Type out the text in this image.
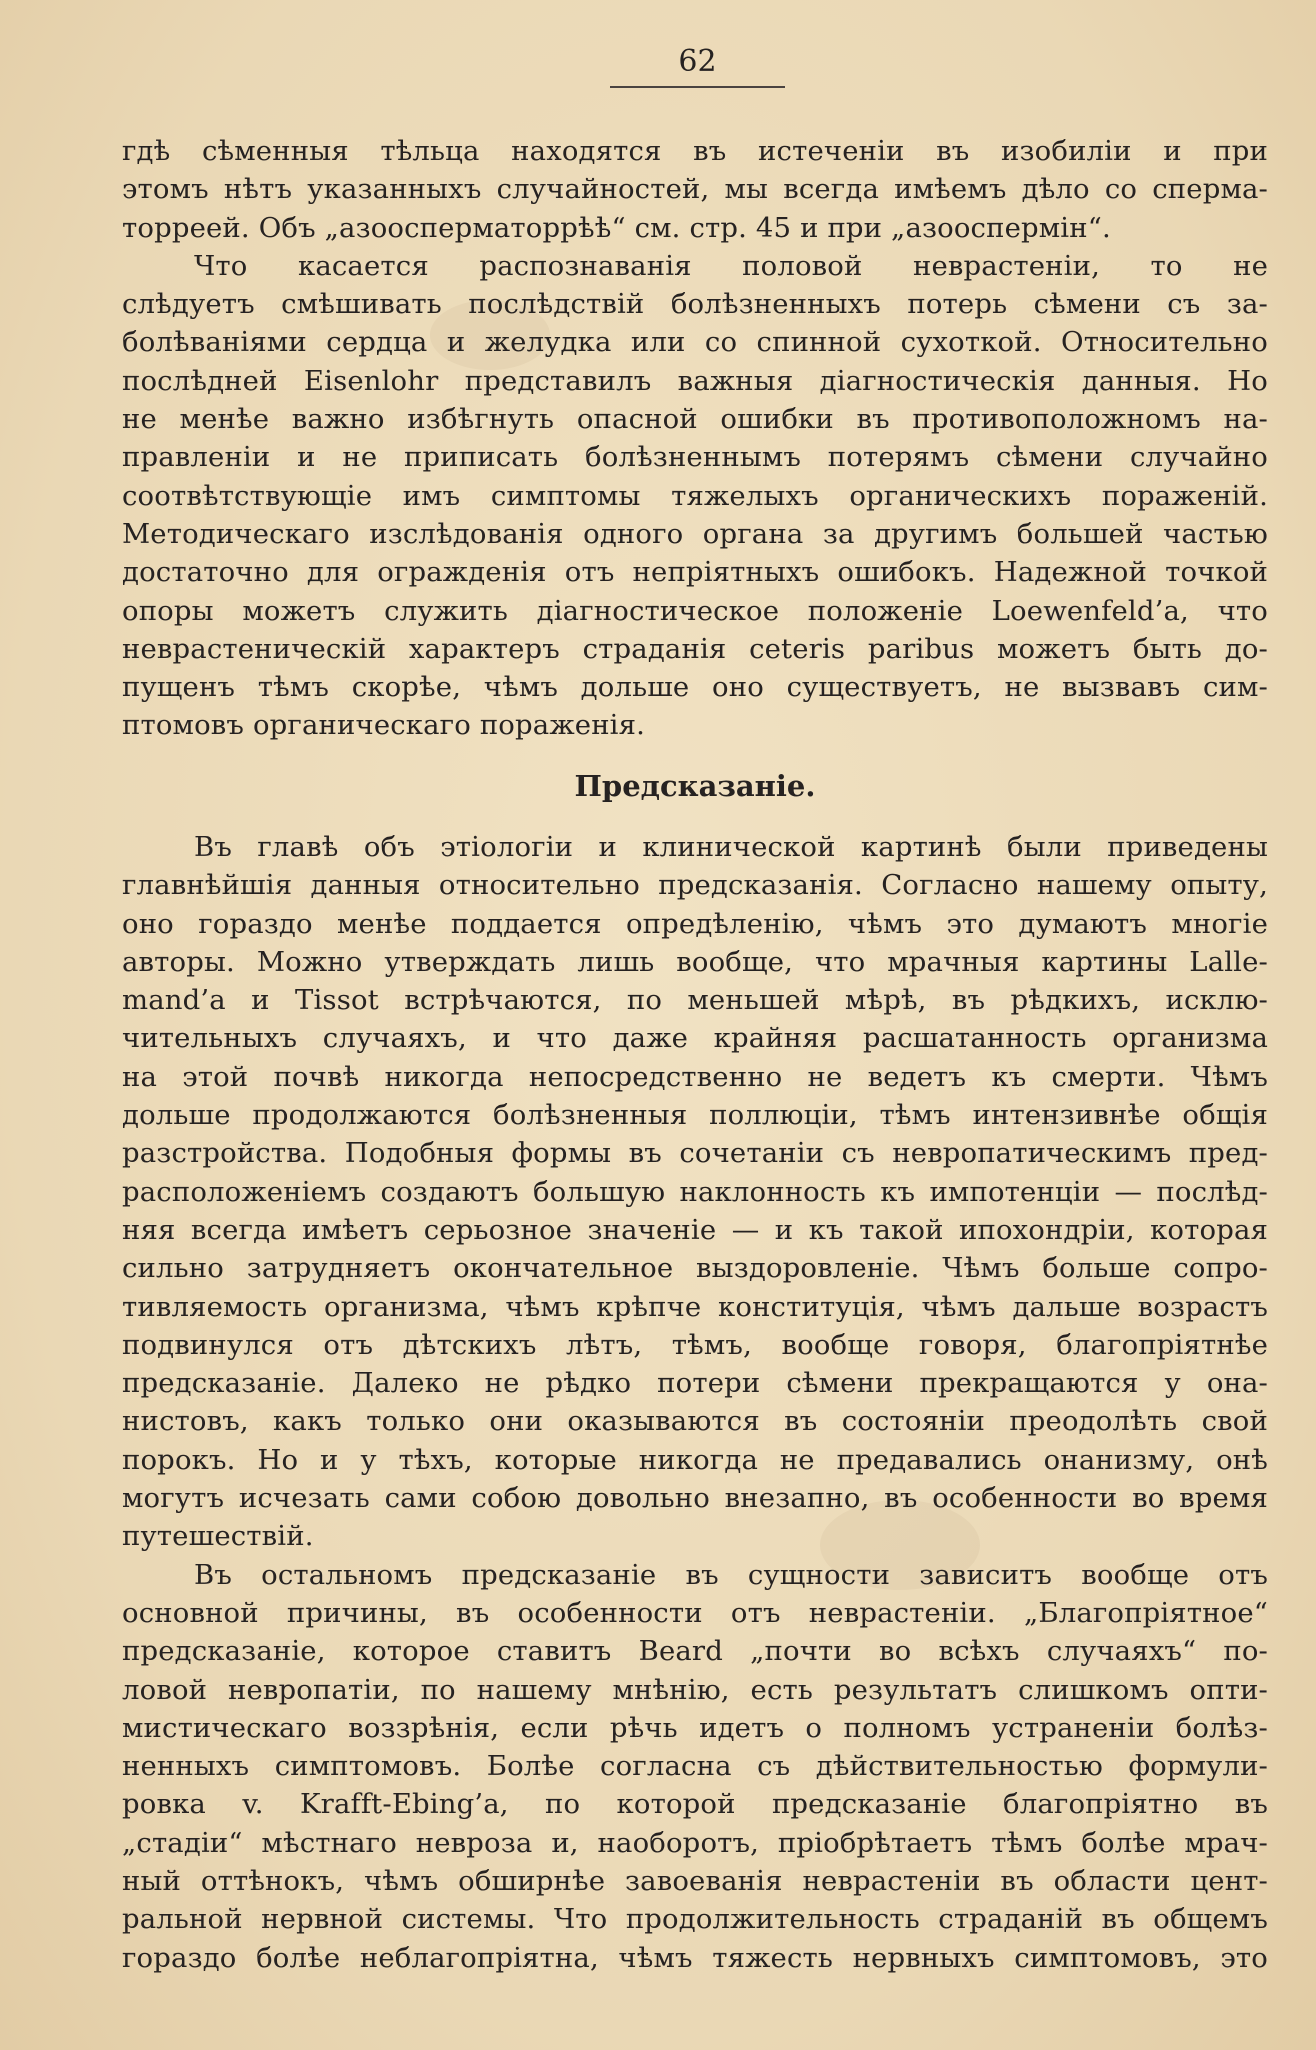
62
гдѣ сѣменныя тѣльца находятся въ истеченіи въ изобиліи и при
этомъ нѣтъ указанныхъ случайностей, мы всегда имѣемъ дѣло со сперма-
торреей. Объ „азоосперматоррѣѣ“ см. стр. 45 и при „азооспермін“.
Что касается распознаванія половой неврастеніи, то не
слѣдуетъ смѣшивать послѣдствій болѣзненныхъ потерь сѣмени съ за-
болѣваніями сердца и желудка или со спинной сухоткой. Относительно
послѣдней Eisenlohr представилъ важныя діагностическія данныя. Но
не менѣе важно избѣгнуть опасной ошибки въ противоположномъ на-
правленіи и не приписать болѣзненнымъ потерямъ сѣмени случайно
соотвѣтствующіе имъ симптомы тяжелыхъ органическихъ пораженій.
Методическаго изслѣдованія одного органа за другимъ большей частью
достаточно для огражденія отъ непріятныхъ ошибокъ. Надежной точкой
опоры можетъ служить діагностическое положеніе Loewenfeld’а, что
неврастеническій характеръ страданія ceteris paribus можетъ быть до-
пущенъ тѣмъ скорѣе, чѣмъ дольше оно существуетъ, не вызвавъ сим-
птомовъ органическаго пораженія.
Предсказаніе.
Въ главѣ объ этіологіи и клинической картинѣ были приведены
главнѣйшія данныя относительно предсказанія. Согласно нашему опыту,
оно гораздо менѣе поддается опредѣленію, чѣмъ это думаютъ многіе
авторы. Можно утверждать лишь вообще, что мрачныя картины Lalle-
mand’а и Tissot встрѣчаются, по меньшей мѣрѣ, въ рѣдкихъ, исклю-
чительныхъ случаяхъ, и что даже крайняя расшатанность организма
на этой почвѣ никогда непосредственно не ведетъ къ смерти. Чѣмъ
дольше продолжаются болѣзненныя поллюціи, тѣмъ интензивнѣе общія
разстройства. Подобныя формы въ сочетаніи съ невропатическимъ пред-
расположеніемъ создаютъ большую наклонность къ импотенціи — послѣд-
няя всегда имѣетъ серьозное значеніе — и къ такой ипохондріи, которая
сильно затрудняетъ окончательное выздоровленіе. Чѣмъ больше сопро-
тивляемость организма, чѣмъ крѣпче конституція, чѣмъ дальше возрастъ
подвинулся отъ дѣтскихъ лѣтъ, тѣмъ, вообще говоря, благопріятнѣе
предсказаніе. Далеко не рѣдко потери сѣмени прекращаются у она-
нистовъ, какъ только они оказываются въ состояніи преодолѣть свой
порокъ. Но и у тѣхъ, которые никогда не предавались онанизму, онѣ
могутъ исчезать сами собою довольно внезапно, въ особенности во время
путешествій.
Въ остальномъ предсказаніе въ сущности зависитъ вообще отъ
основной причины, въ особенности отъ неврастеніи. „Благопріятное“
предсказаніе, которое ставитъ Beard „почти во всѣхъ случаяхъ“ по-
ловой невропатіи, по нашему мнѣнію, есть результатъ слишкомъ опти-
мистическаго воззрѣнія, если рѣчь идетъ о полномъ устраненіи болѣз-
ненныхъ симптомовъ. Болѣе согласна съ дѣйствительностью формули-
ровка v. Krafft-Ebing’а, по которой предсказаніе благопріятно въ
„стадіи“ мѣстнаго невроза и, наоборотъ, пріобрѣтаетъ тѣмъ болѣе мрач-
ный оттѣнокъ, чѣмъ обширнѣе завоеванія неврастеніи въ области цент-
ральной нервной системы. Что продолжительность страданій въ общемъ
гораздо болѣе неблагопріятна, чѣмъ тяжесть нервныхъ симптомовъ, это
